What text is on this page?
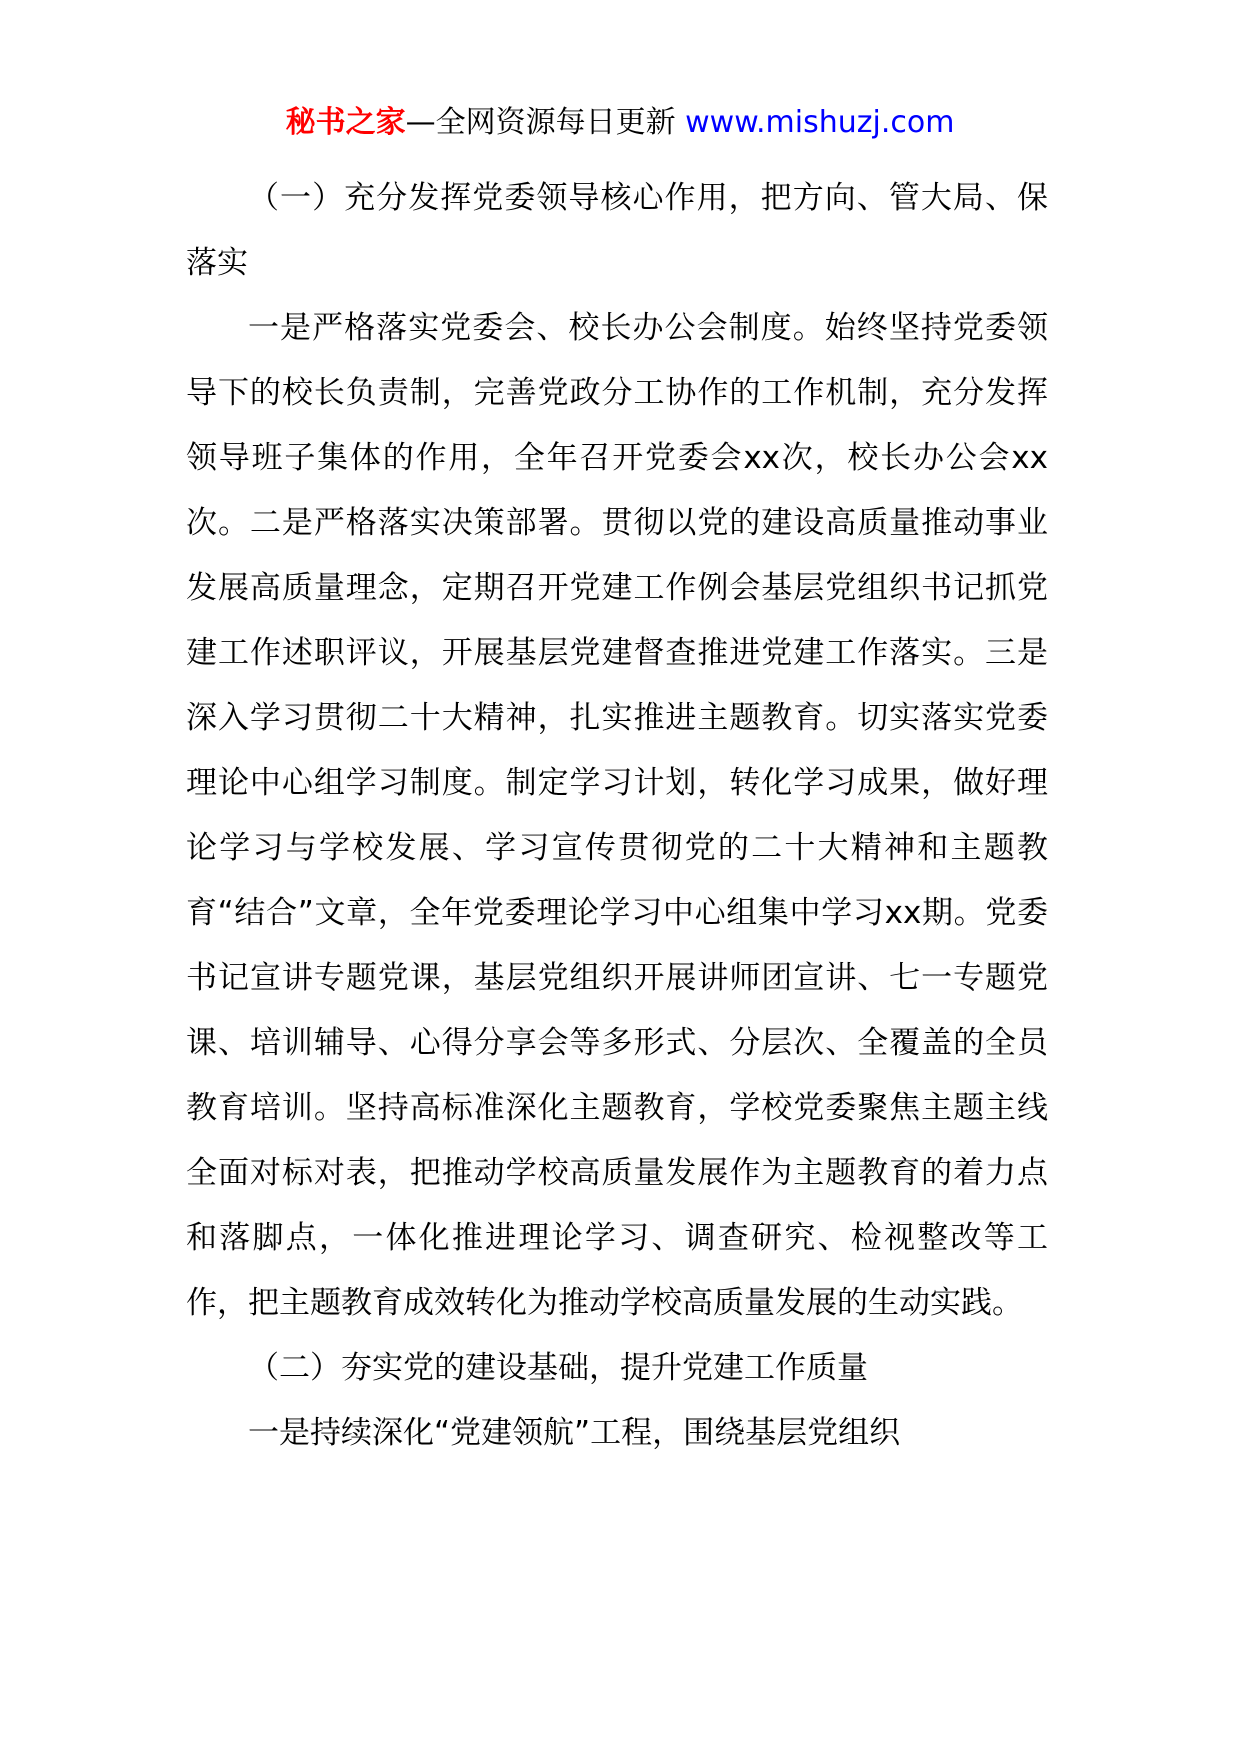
秘书之家—全网资源每日更新 www.mishuzj.com

（一）充分发挥党委领导核心作用，把方向、管大局、保落实

一是严格落实党委会、校长办公会制度。始终坚持党委领导下的校长负责制，完善党政分工协作的工作机制，充分发挥领导班子集体的作用，全年召开党委会xx次，校长办公会xx次。二是严格落实决策部署。贯彻以党的建设高质量推动事业发展高质量理念，定期召开党建工作例会基层党组织书记抓党建工作述职评议，开展基层党建督查推进党建工作落实。三是深入学习贯彻二十大精神，扎实推进主题教育。切实落实党委理论中心组学习制度。制定学习计划，转化学习成果，做好理论学习与学校发展、学习宣传贯彻党的二十大精神和主题教育“结合”文章，全年党委理论学习中心组集中学习xx期。党委书记宣讲专题党课，基层党组织开展讲师团宣讲、七一专题党课、培训辅导、心得分享会等多形式、分层次、全覆盖的全员教育培训。坚持高标准深化主题教育，学校党委聚焦主题主线全面对标对表，把推动学校高质量发展作为主题教育的着力点和落脚点，一体化推进理论学习、调查研究、检视整改等工作，把主题教育成效转化为推动学校高质量发展的生动实践。

（二）夯实党的建设基础，提升党建工作质量

一是持续深化“党建领航”工程，围绕基层党组织
